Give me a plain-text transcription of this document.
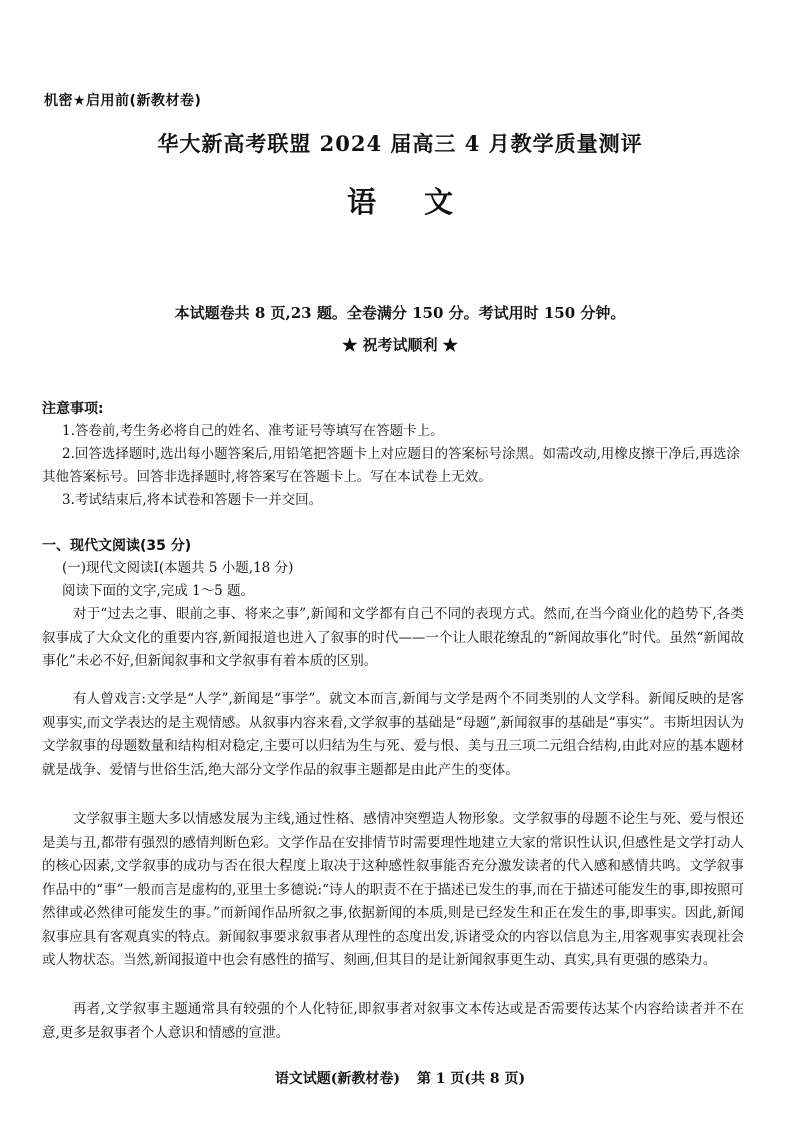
机密★启用前(新教材卷)
华大新高考联盟 2024 届高三 4 月教学质量测评
语文
本试题卷共 8 页,23 题。全卷满分 150 分。考试用时 150 分钟。
★ 祝考试顺利 ★
注意事项:
1.答卷前,考生务必将自己的姓名、准考证号等填写在答题卡上。
2.回答选择题时,选出每小题答案后,用铅笔把答题卡上对应题目的答案标号涂黑。如需改动,用橡皮擦干净后,再选涂其他答案标号。回答非选择题时,将答案写在答题卡上。写在本试卷上无效。
3.考试结束后,将本试卷和答题卡一并交回。
一、现代文阅读(35 分)
(一)现代文阅读Ⅰ(本题共 5 小题,18 分)
阅读下面的文字,完成 1～5 题。
对于“过去之事、眼前之事、将来之事”,新闻和文学都有自己不同的表现方式。然而,在当今商业化的趋势下,各类叙事成了大众文化的重要内容,新闻报道也进入了叙事的时代——一个让人眼花缭乱的“新闻故事化”时代。虽然“新闻故事化”未必不好,但新闻叙事和文学叙事有着本质的区别。
有人曾戏言:文学是“人学”,新闻是“事学”。就文本而言,新闻与文学是两个不同类别的人文学科。新闻反映的是客观事实,而文学表达的是主观情感。从叙事内容来看,文学叙事的基础是“母题”,新闻叙事的基础是“事实”。韦斯坦因认为文学叙事的母题数量和结构相对稳定,主要可以归结为生与死、爱与恨、美与丑三项二元组合结构,由此对应的基本题材就是战争、爱情与世俗生活,绝大部分文学作品的叙事主题都是由此产生的变体。
文学叙事主题大多以情感发展为主线,通过性格、感情冲突塑造人物形象。文学叙事的母题不论生与死、爱与恨还是美与丑,都带有强烈的感情判断色彩。文学作品在安排情节时需要理性地建立大家的常识性认识,但感性是文学打动人的核心因素,文学叙事的成功与否在很大程度上取决于这种感性叙事能否充分激发读者的代入感和感情共鸣。文学叙事作品中的“事”一般而言是虚构的,亚里士多德说:“诗人的职责不在于描述已发生的事,而在于描述可能发生的事,即按照可然律或必然律可能发生的事。”而新闻作品所叙之事,依据新闻的本质,则是已经发生和正在发生的事,即事实。因此,新闻叙事应具有客观真实的特点。新闻叙事要求叙事者从理性的态度出发,诉诸受众的内容以信息为主,用客观事实表现社会或人物状态。当然,新闻报道中也会有感性的描写、刻画,但其目的是让新闻叙事更生动、真实,具有更强的感染力。
再者,文学叙事主题通常具有较强的个人化特征,即叙事者对叙事文本传达或是否需要传达某个内容给读者并不在意,更多是叙事者个人意识和情感的宣泄。
语文试题(新教材卷) 第 1 页(共 8 页)
